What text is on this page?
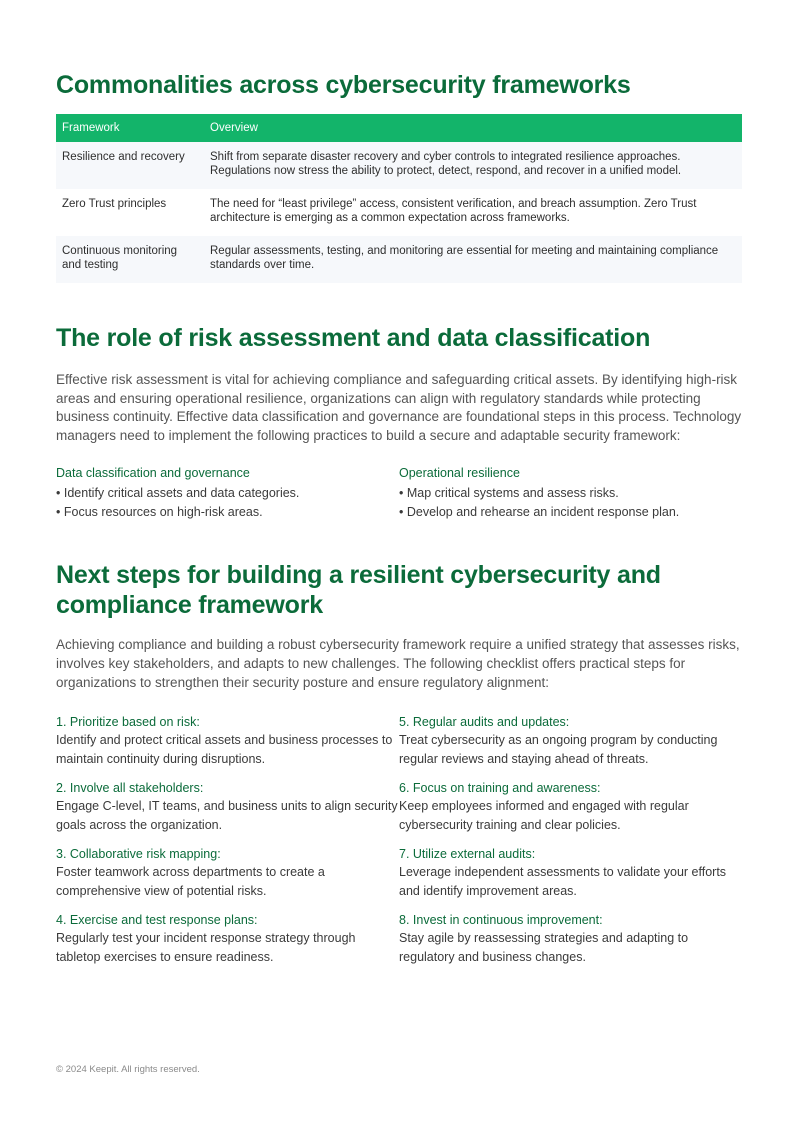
Commonalities across cybersecurity frameworks
Framework	Overview
Resilience and recovery	Shift from separate disaster recovery and cyber controls to integrated resilience approaches. Regulations now stress the ability to protect, detect, respond, and recover in a unified model.
Zero Trust principles	The need for “least privilege” access, consistent verification, and breach assumption. Zero Trust architecture is emerging as a common expectation across frameworks.
Continuous monitoring and testing	Regular assessments, testing, and monitoring are essential for meeting and maintaining compliance standards over time.
The role of risk assessment and data classification

Effective risk assessment is vital for achieving compliance and safeguarding critical assets. By identifying high-risk areas and ensuring operational resilience, organizations can align with regulatory standards while protecting business continuity. Effective data classification and governance are foundational steps in this process. Technology managers need to implement the following practices to build a secure and adaptable security framework:

Data classification and governance
• Identify critical assets and data categories.
• Focus resources on high-risk areas.
Operational resilience
• Map critical systems and assess risks.
• Develop and rehearse an incident response plan.
Next steps for building a resilient cybersecurity and compliance framework

Achieving compliance and building a robust cybersecurity framework require a unified strategy that assesses risks, involves key stakeholders, and adapts to new challenges. The following checklist offers practical steps for organizations to strengthen their security posture and ensure regulatory alignment:

1. Prioritize based on risk:
Identify and protect critical assets and business processes to maintain continuity during disruptions.
2. Involve all stakeholders:
Engage C-level, IT teams, and business units to align security goals across the organization.
3. Collaborative risk mapping:
Foster teamwork across departments to create a comprehensive view of potential risks.
4. Exercise and test response plans:
Regularly test your incident response strategy through tabletop exercises to ensure readiness.
5. Regular audits and updates:
Treat cybersecurity as an ongoing program by conducting regular reviews and staying ahead of threats.
6. Focus on training and awareness:
Keep employees informed and engaged with regular cybersecurity training and clear policies.
7. Utilize external audits:
Leverage independent assessments to validate your efforts and identify improvement areas.
8. Invest in continuous improvement:
Stay agile by reassessing strategies and adapting to regulatory and business changes.
© 2024 Keepit. All rights reserved.
